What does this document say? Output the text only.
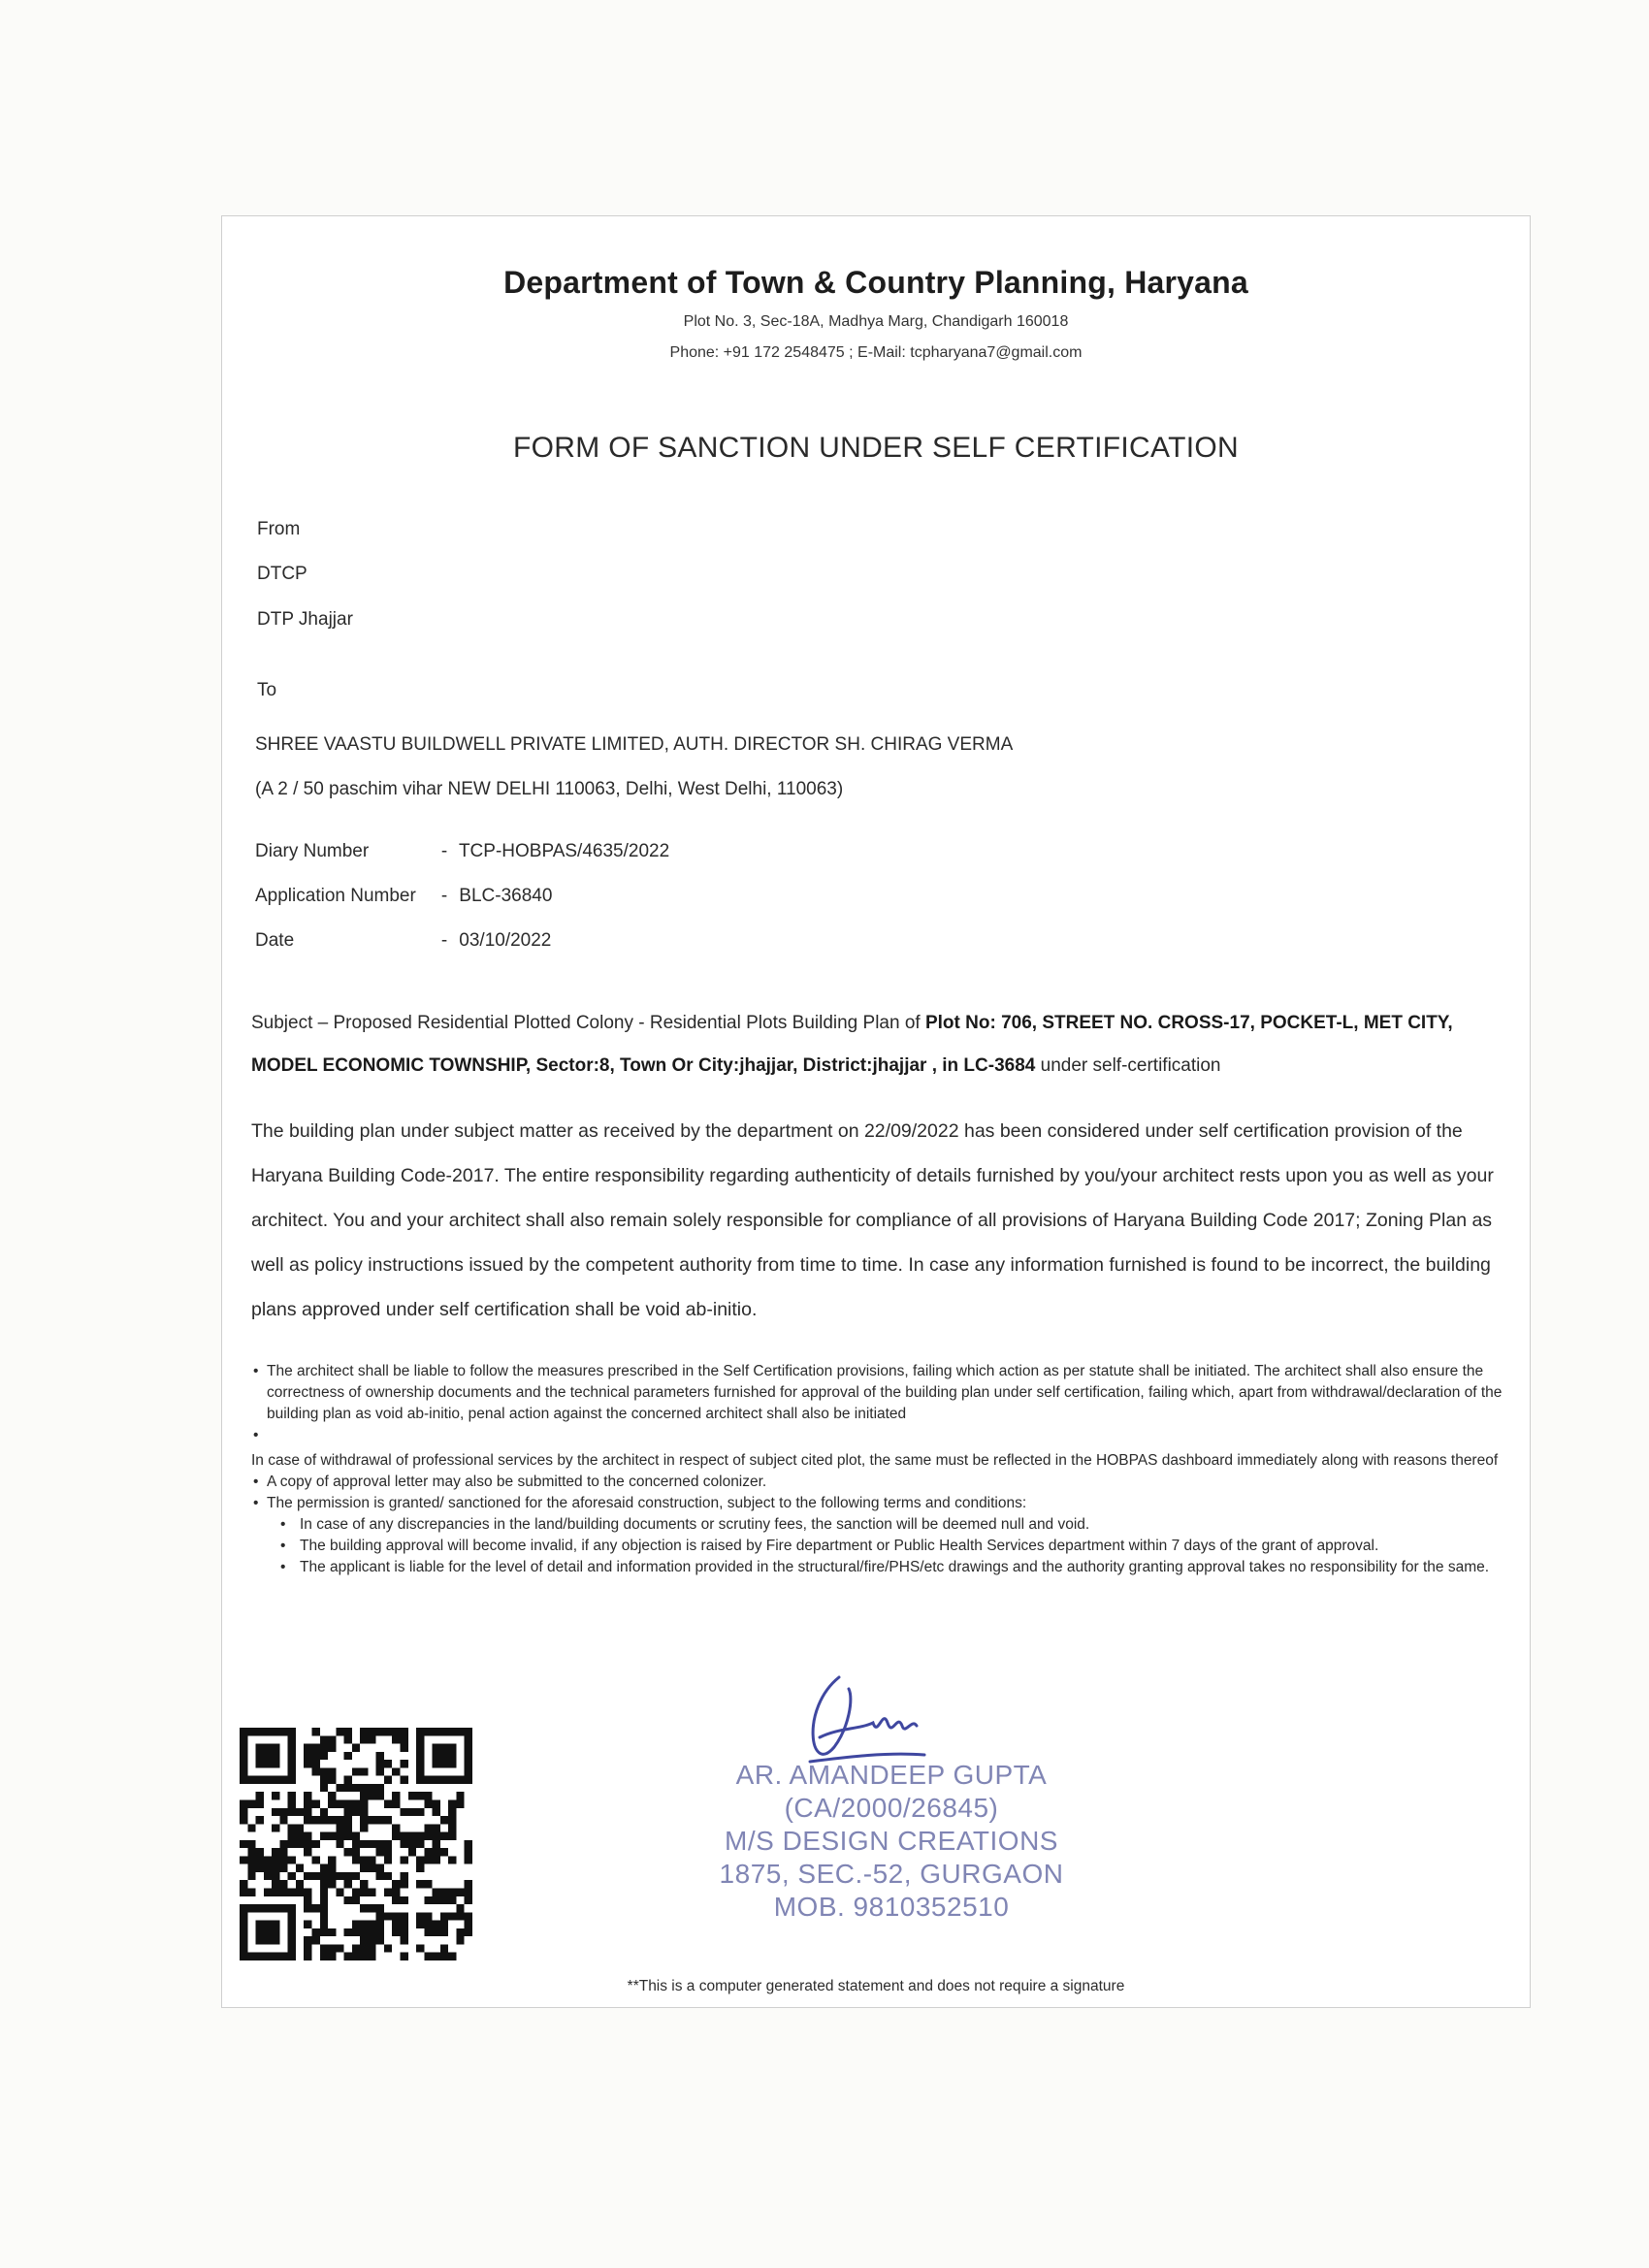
Department of Town & Country Planning, Haryana
Plot No. 3, Sec-18A, Madhya Marg, Chandigarh 160018
Phone: +91 172 2548475 ; E-Mail: tcpharyana7@gmail.com
FORM OF SANCTION UNDER SELF CERTIFICATION
From
DTCP
DTP Jhajjar
To
SHREE VAASTU BUILDWELL PRIVATE LIMITED, AUTH. DIRECTOR SH. CHIRAG VERMA
(A 2 / 50 paschim vihar NEW DELHI 110063, Delhi, West Delhi, 110063)
Diary Number	- TCP-HOBPAS/4635/2022
Application Number - BLC-36840
Date	- 03/10/2022
Subject – Proposed Residential Plotted Colony - Residential Plots Building Plan of Plot No: 706, STREET NO. CROSS-17, POCKET-L, MET CITY, MODEL ECONOMIC TOWNSHIP, Sector:8, Town Or City:jhajjar, District:jhajjar , in LC-3684 under self-certification
The building plan under subject matter as received by the department on 22/09/2022 has been considered under self certification provision of the Haryana Building Code-2017. The entire responsibility regarding authenticity of details furnished by you/your architect rests upon you as well as your architect. You and your architect shall also remain solely responsible for compliance of all provisions of Haryana Building Code 2017; Zoning Plan as well as policy instructions issued by the competent authority from time to time. In case any information furnished is found to be incorrect, the building plans approved under self certification shall be void ab-initio.
• The architect shall be liable to follow the measures prescribed in the Self Certification provisions, failing which action as per statute shall be initiated. The architect shall also ensure the correctness of ownership documents and the technical parameters furnished for approval of the building plan under self certification, failing which, apart from withdrawal/declaration of the building plan as void ab-initio, penal action against the concerned architect shall also be initiated
•
In case of withdrawal of professional services by the architect in respect of subject cited plot, the same must be reflected in the HOBPAS dashboard immediately along with reasons thereof
• A copy of approval letter may also be submitted to the concerned colonizer.
• The permission is granted/ sanctioned for the aforesaid construction, subject to the following terms and conditions:
• In case of any discrepancies in the land/building documents or scrutiny fees, the sanction will be deemed null and void.
• The building approval will become invalid, if any objection is raised by Fire department or Public Health Services department within 7 days of the grant of approval.
• The applicant is liable for the level of detail and information provided in the structural/fire/PHS/etc drawings and the authority granting approval takes no responsibility for the same.
AR. AMANDEEP GUPTA
(CA/2000/26845)
M/S DESIGN CREATIONS
1875, SEC.-52, GURGAON
MOB. 9810352510
**This is a computer generated statement and does not require a signature
